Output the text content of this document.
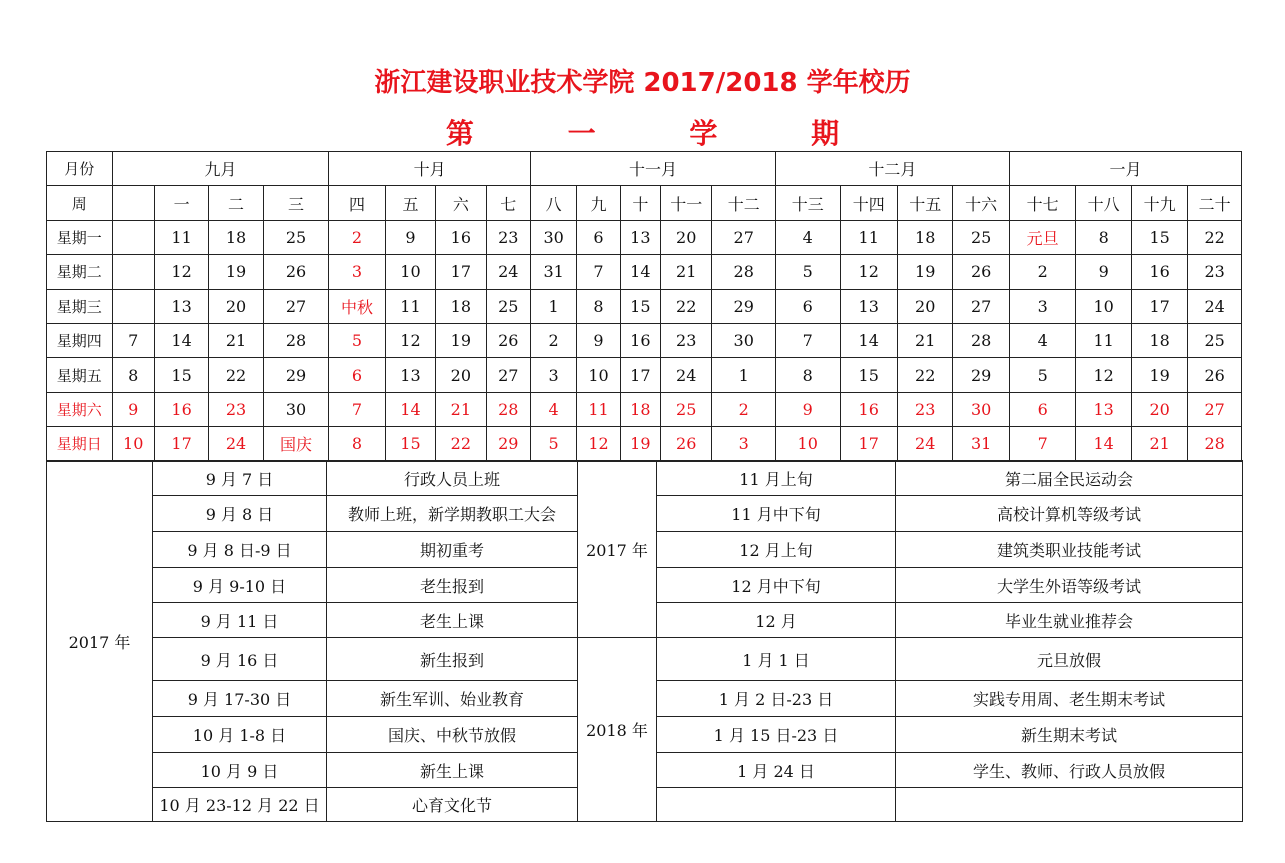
浙江建设职业技术学院 2017/2018 学年校历
第 一 学 期
月份	九月				十月				十一月					十二月				一月			
周		一	二	三	四	五	六	七	八	九	十	十一	十二	十三	十四	十五	十六	十七	十八	十九	二十
星期一		11	18	25	2	9	16	23	30	6	13	20	27	4	11	18	25	元旦	8	15	22
星期二		12	19	26	3	10	17	24	31	7	14	21	28	5	12	19	26	2	9	16	23
星期三		13	20	27	中秋	11	18	25	1	8	15	22	29	6	13	20	27	3	10	17	24
星期四	7	14	21	28	5	12	19	26	2	9	16	23	30	7	14	21	28	4	11	18	25
星期五	8	15	22	29	6	13	20	27	3	10	17	24	1	8	15	22	29	5	12	19	26
星期六	9	16	23	30	7	14	21	28	4	11	18	25	2	9	16	23	30	6	13	20	27
星期日	10	17	24	国庆	8	15	22	29	5	12	19	26	3	10	17	24	31	7	14	21	28
2017 年	9 月 7 日	行政人员上班	2017 年	11 月上旬	第二届全民运动会
	9 月 8 日	教师上班，新学期教职工大会		11 月中下旬	高校计算机等级考试
	9 月 8 日-9 日	期初重考		12 月上旬	建筑类职业技能考试
	9 月 9-10 日	老生报到		12 月中下旬	大学生外语等级考试
	9 月 11 日	老生上课		12 月	毕业生就业推荐会
	9 月 16 日	新生报到	2018 年	1 月 1 日	元旦放假
	9 月 17-30 日	新生军训、始业教育		1 月 2 日-23 日	实践专用周、老生期末考试
	10 月 1-8 日	国庆、中秋节放假		1 月 15 日-23 日	新生期末考试
	10 月 9 日	新生上课		1 月 24 日	学生、教师、行政人员放假
	10 月 23-12 月 22 日	心育文化节			
